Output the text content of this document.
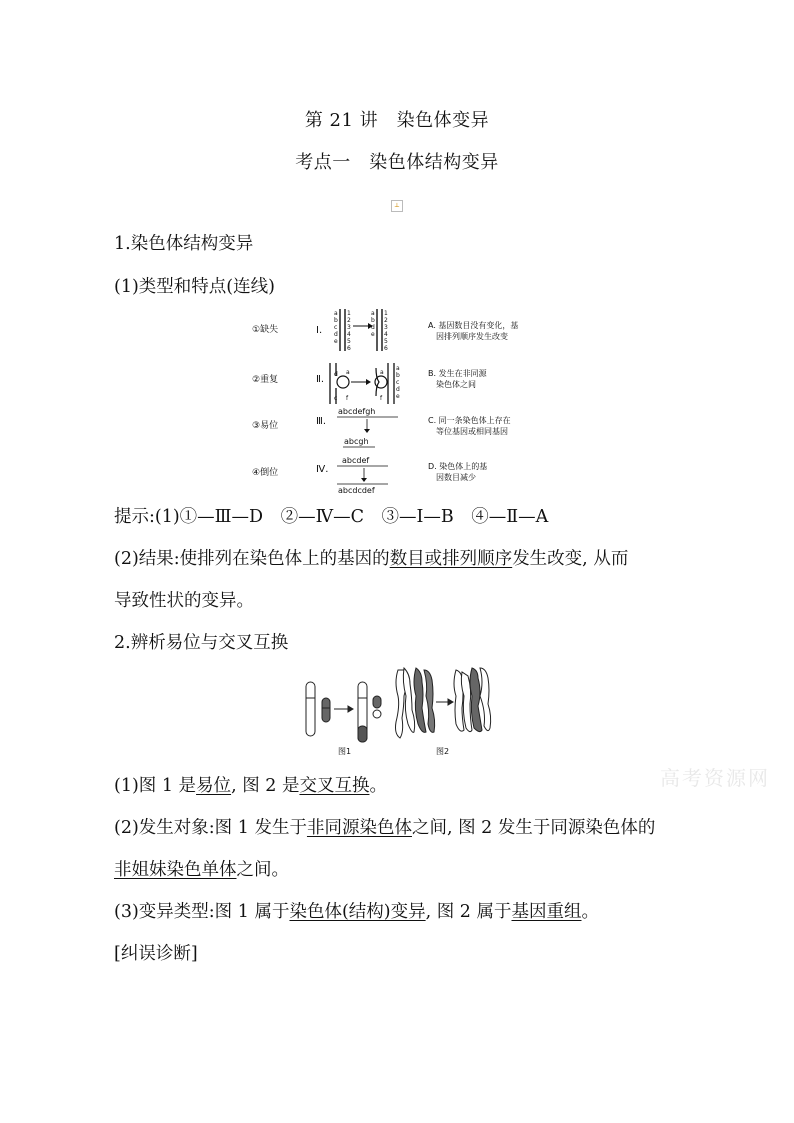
第 21 讲　染色体变异
考点一　染色体结构变异
⊥
1.染色体结构变异
(1)类型和特点(连线)
①缺失
②重复
③易位
④倒位
Ⅰ.
Ⅱ.
Ⅲ.
Ⅳ.
a
b
c
d
e
1
2
3
4
5
6
a
b
d
e
1
2
3
4
5
6
d
c
a
f
a
f
a
b
c
d
e
abcdefgh
abcgh
abcdef
abcdcdef
A. 基因数目没有变化，基
因排列顺序发生改变
B. 发生在非同源
染色体之间
C. 同一条染色体上存在
等位基因或相同基因
D. 染色体上的基
因数目减少
提示:(1)①—Ⅲ—D　②—Ⅳ—C　③—Ⅰ—B　④—Ⅱ—A
(2)结果:使排列在染色体上的基因的数目或排列顺序发生改变, 从而
导致性状的变异。
2.辨析易位与交叉互换
图1	图2
高考资源网
(1)图 1 是易位, 图 2 是交叉互换。
(2)发生对象:图 1 发生于非同源染色体之间, 图 2 发生于同源染色体的
非姐妹染色单体之间。
(3)变异类型:图 1 属于染色体(结构)变异, 图 2 属于基因重组。
[纠误诊断]
